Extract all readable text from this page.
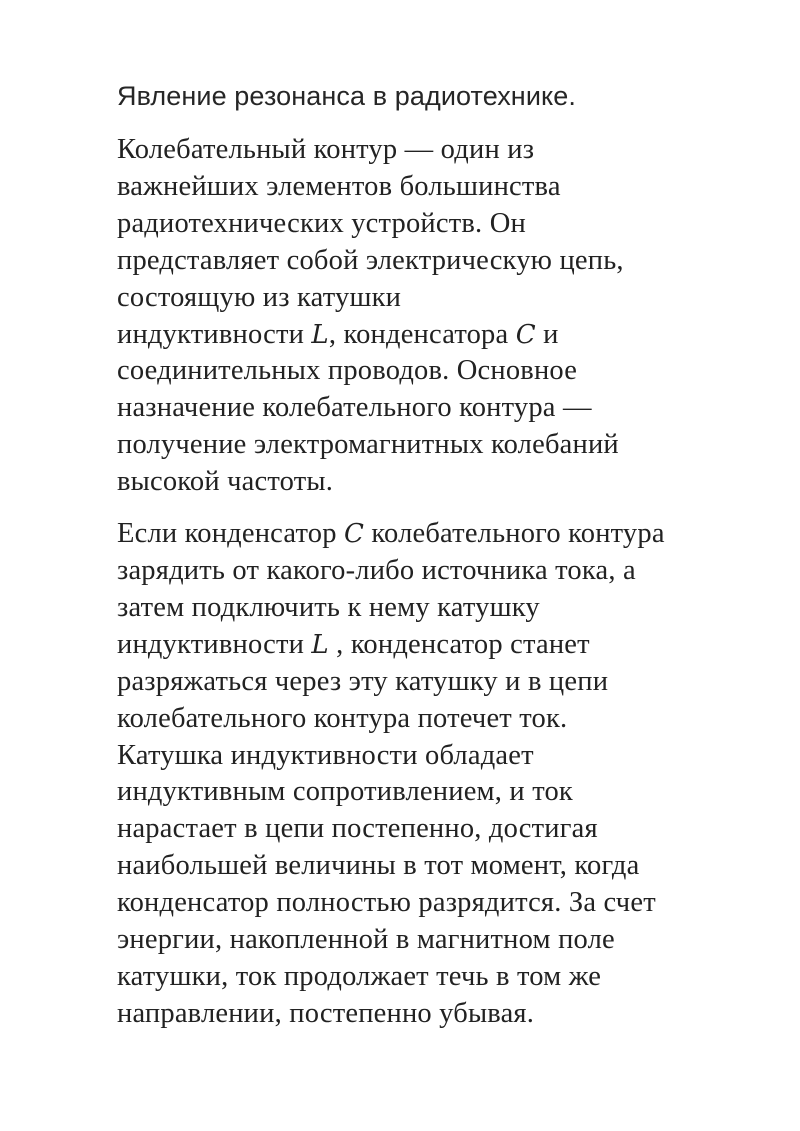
Явление резонанса в радиотехнике.
Колебательный контур — один из
важнейших элементов большинства
радиотехнических устройств. Он
представляет собой электрическую цепь,
состоящую из катушки
индуктивности L, конденсатора C и
соединительных проводов. Основное
назначение колебательного контура —
получение электромагнитных колебаний
высокой частоты.
Если конденсатор C колебательного контура
зарядить от какого-либо источника тока, а
затем подключить к нему катушку
индуктивности L , конденсатор станет
разряжаться через эту катушку и в цепи
колебательного контура потечет ток.
Катушка индуктивности обладает
индуктивным сопротивлением, и ток
нарастает в цепи постепенно, достигая
наибольшей величины в тот момент, когда
конденсатор полностью разрядится. За счет
энергии, накопленной в магнитном поле
катушки, ток продолжает течь в том же
направлении, постепенно убывая.
